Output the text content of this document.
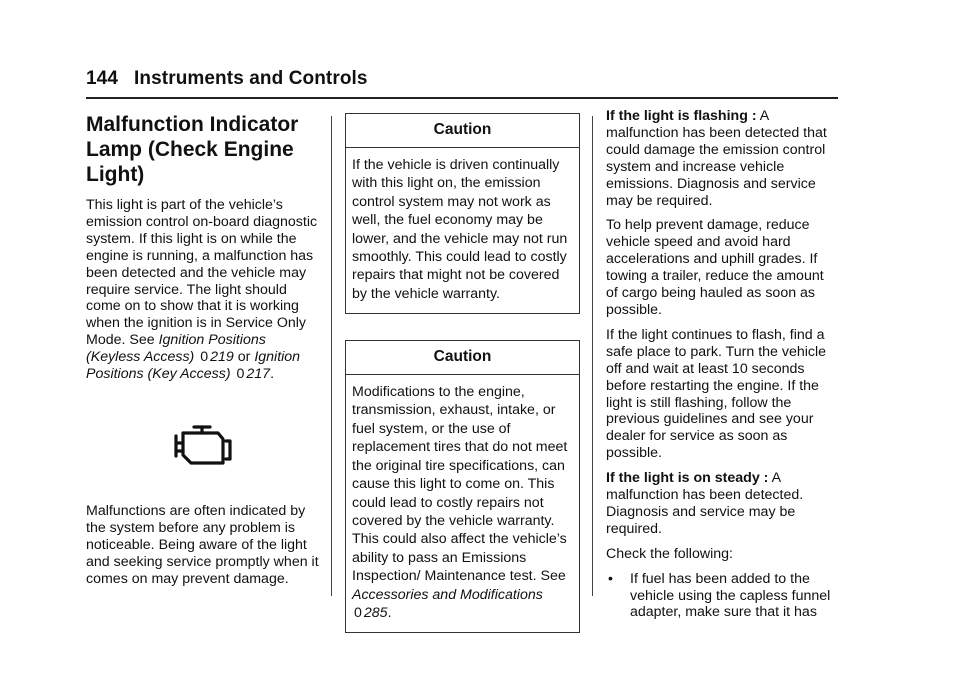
144 Instruments and Controls
Malfunction Indicator
Lamp (Check Engine
Light)

This light is part of the vehicle’s emission control on-board diagnostic system. If this light is on while the engine is running, a malfunction has been detected and the vehicle may require service. The light should come on to show that it is working when the ignition is in Service Only Mode. See Ignition Positions (Keyless Access) 0 219 or Ignition Positions (Key Access) 0 217.

Malfunctions are often indicated by the system before any problem is noticeable. Being aware of the light and seeking service promptly when it comes on may prevent damage.

Caution
If the vehicle is driven continually with this light on, the emission control system may not work as well, the fuel economy may be lower, and the vehicle may not run smoothly. This could lead to costly repairs that might not be covered by the vehicle warranty.
Caution
Modifications to the engine, transmission, exhaust, intake, or fuel system, or the use of replacement tires that do not meet the original tire specifications, can cause this light to come on. This could lead to costly repairs not covered by the vehicle warranty. This could also affect the vehicle’s ability to pass an Emissions Inspection/ Maintenance test. See Accessories and Modifications 0 285.

If the light is flashing : A malfunction has been detected that could damage the emission control system and increase vehicle emissions. Diagnosis and service may be required.

To help prevent damage, reduce vehicle speed and avoid hard accelerations and uphill grades. If towing a trailer, reduce the amount of cargo being hauled as soon as possible.

If the light continues to flash, find a safe place to park. Turn the vehicle off and wait at least 10 seconds before restarting the engine. If the light is still flashing, follow the previous guidelines and see your dealer for service as soon as possible.

If the light is on steady : A malfunction has been detected. Diagnosis and service may be required.

Check the following:

•	If fuel has been added to the vehicle using the capless funnel adapter, make sure that it has
